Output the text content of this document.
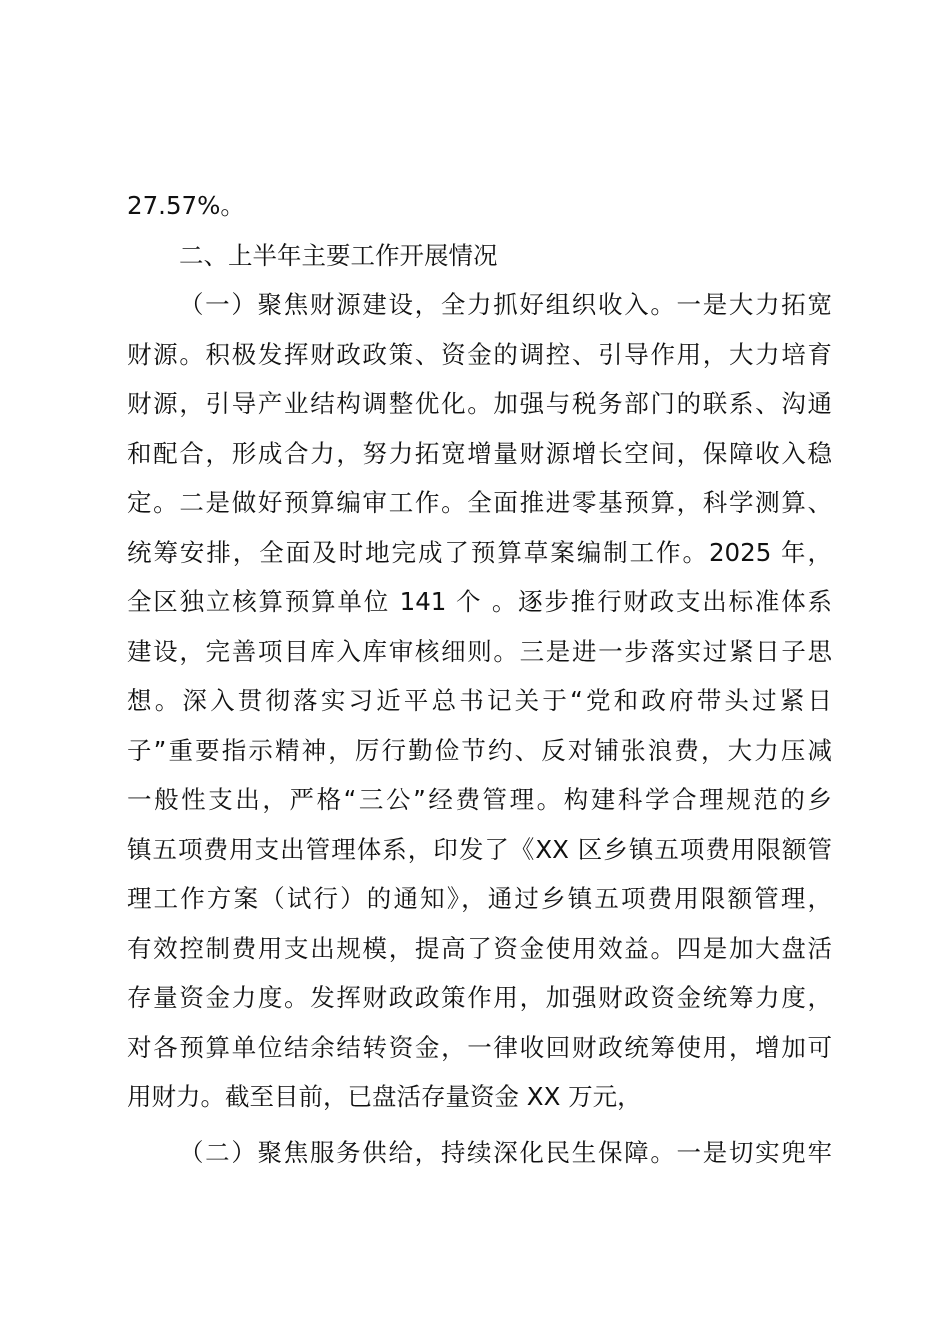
27.57%。
二、上半年主要工作开展情况
（一）聚焦财源建设，全力抓好组织收入。一是大力拓宽
财源。积极发挥财政政策、资金的调控、引导作用，大力培育
财源，引导产业结构调整优化。加强与税务部门的联系、沟通
和配合，形成合力，努力拓宽增量财源增长空间，保障收入稳
定。二是做好预算编审工作。全面推进零基预算，科学测算、
统筹安排，全面及时地完成了预算草案编制工作。2025 年，
全区独立核算预算单位 141 个 。逐步推行财政支出标准体系
建设，完善项目库入库审核细则。三是进一步落实过紧日子思
想。深入贯彻落实习近平总书记关于“党和政府带头过紧日
子”重要指示精神，厉行勤俭节约、反对铺张浪费，大力压减
一般性支出，严格“三公”经费管理。构建科学合理规范的乡
镇五项费用支出管理体系，印发了《XX 区乡镇五项费用限额管
理工作方案（试行）的通知》，通过乡镇五项费用限额管理，
有效控制费用支出规模，提高了资金使用效益。四是加大盘活
存量资金力度。发挥财政政策作用，加强财政资金统筹力度，
对各预算单位结余结转资金，一律收回财政统筹使用，增加可
用财力。截至目前，已盘活存量资金 XX 万元，
（二）聚焦服务供给，持续深化民生保障。一是切实兜牢
